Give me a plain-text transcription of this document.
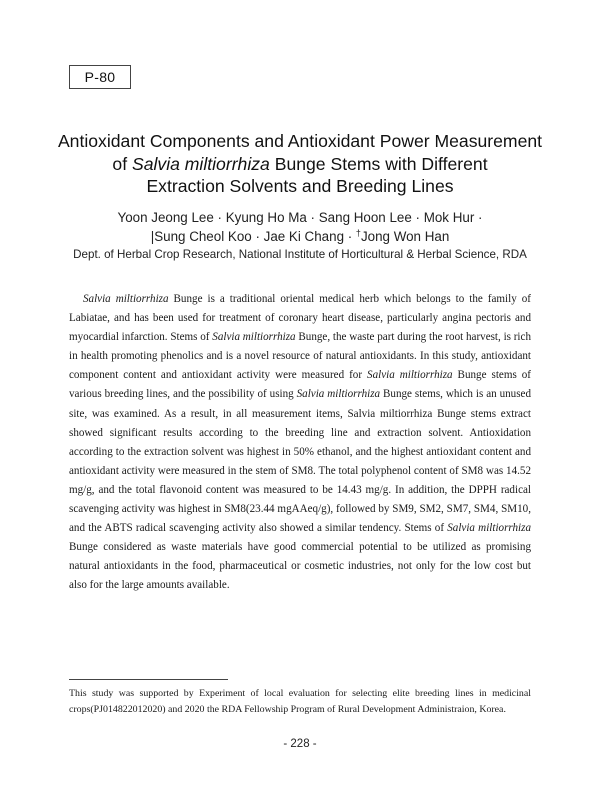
P-80
Antioxidant Components and Antioxidant Power Measurement
of Salvia miltiorrhiza Bunge Stems with Different
Extraction Solvents and Breeding Lines
Yoon Jeong Lee · Kyung Ho Ma · Sang Hoon Lee · Mok Hur ·
|Sung Cheol Koo · Jae Ki Chang · †Jong Won Han
Dept. of Herbal Crop Research, National Institute of Horticultural & Herbal Science, RDA

Salvia miltiorrhiza Bunge is a traditional oriental medical herb which belongs to the family of Labiatae, and has been used for treatment of coronary heart disease, particularly angina pectoris and myocardial infarction. Stems of Salvia miltiorrhiza Bunge, the waste part during the root harvest, is rich in health promoting phenolics and is a novel resource of natural antioxidants. In this study, antioxidant component content and antioxidant activity were measured for Salvia miltiorrhiza Bunge stems of various breeding lines, and the possibility of using Salvia miltiorrhiza Bunge stems, which is an unused site, was examined. As a result, in all measurement items, Salvia miltiorrhiza Bunge stems extract showed significant results according to the breeding line and extraction solvent. Antioxidation according to the extraction solvent was highest in 50% ethanol, and the highest antioxidant content and antioxidant activity were measured in the stem of SM8. The total polyphenol content of SM8 was 14.52 mg/g, and the total flavonoid content was measured to be 14.43 mg/g. In addition, the DPPH radical scavenging activity was highest in SM8(23.44 mgAAeq/g), followed by SM9, SM2, SM7, SM4, SM10, and the ABTS radical scavenging activity also showed a similar tendency. Stems of Salvia miltiorrhiza Bunge considered as waste materials have good commercial potential to be utilized as promising natural antioxidants in the food, pharmaceutical or cosmetic industries, not only for the low cost but also for the large amounts available.

This study was supported by Experiment of local evaluation for selecting elite breeding lines in medicinal crops(PJ014822012020) and 2020 the RDA Fellowship Program of Rural Development Administraion, Korea.
- 228 -
